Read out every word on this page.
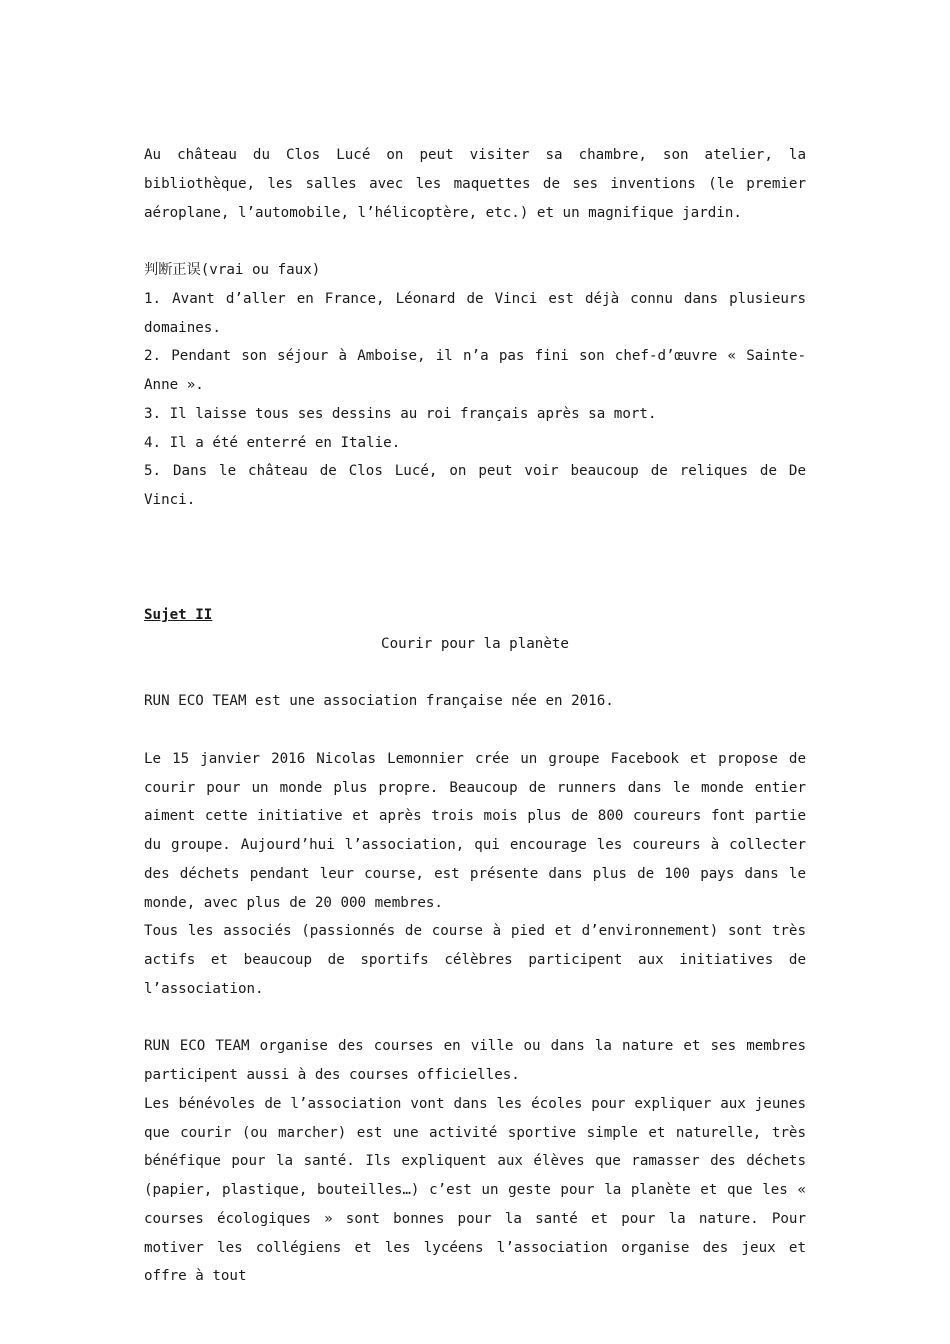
Au château du Clos Lucé on peut visiter sa chambre, son atelier, la bibliothèque, les salles avec les maquettes de ses inventions (le premier aéroplane, l’automobile, l’hélicoptère, etc.) et un magnifique jardin.

判断正误(vrai ou faux)

1. Avant d’aller en France, Léonard de Vinci est déjà connu dans plusieurs domaines.
2. Pendant son séjour à Amboise, il n’a pas fini son chef-d’œuvre « Sainte-Anne ».
3. Il laisse tous ses dessins au roi français après sa mort.
4. Il a été enterré en Italie.
5. Dans le château de Clos Lucé, on peut voir beaucoup de reliques de De Vinci.

Sujet II

Courir pour la planète

RUN ECO TEAM est une association française née en 2016.

Le 15 janvier 2016 Nicolas Lemonnier crée un groupe Facebook et propose de courir pour un monde plus propre. Beaucoup de runners dans le monde entier aiment cette initiative et après trois mois plus de 800 coureurs font partie du groupe. Aujourd’hui l’association, qui encourage les coureurs à collecter des déchets pendant leur course, est présente dans plus de 100 pays dans le monde, avec plus de 20 000 membres.

Tous les associés (passionnés de course à pied et d’environnement) sont très actifs et beaucoup de sportifs célèbres participent aux initiatives de l’association.

RUN ECO TEAM organise des courses en ville ou dans la nature et ses membres participent aussi à des courses officielles.

Les bénévoles de l’association vont dans les écoles pour expliquer aux jeunes que courir (ou marcher) est une activité sportive simple et naturelle, très bénéfique pour la santé. Ils expliquent aux élèves que ramasser des déchets (papier, plastique, bouteilles…) c’est un geste pour la planète et que les « courses écologiques » sont bonnes pour la santé et pour la nature. Pour motiver les collégiens et les lycéens l’association organise des jeux et offre à tout
